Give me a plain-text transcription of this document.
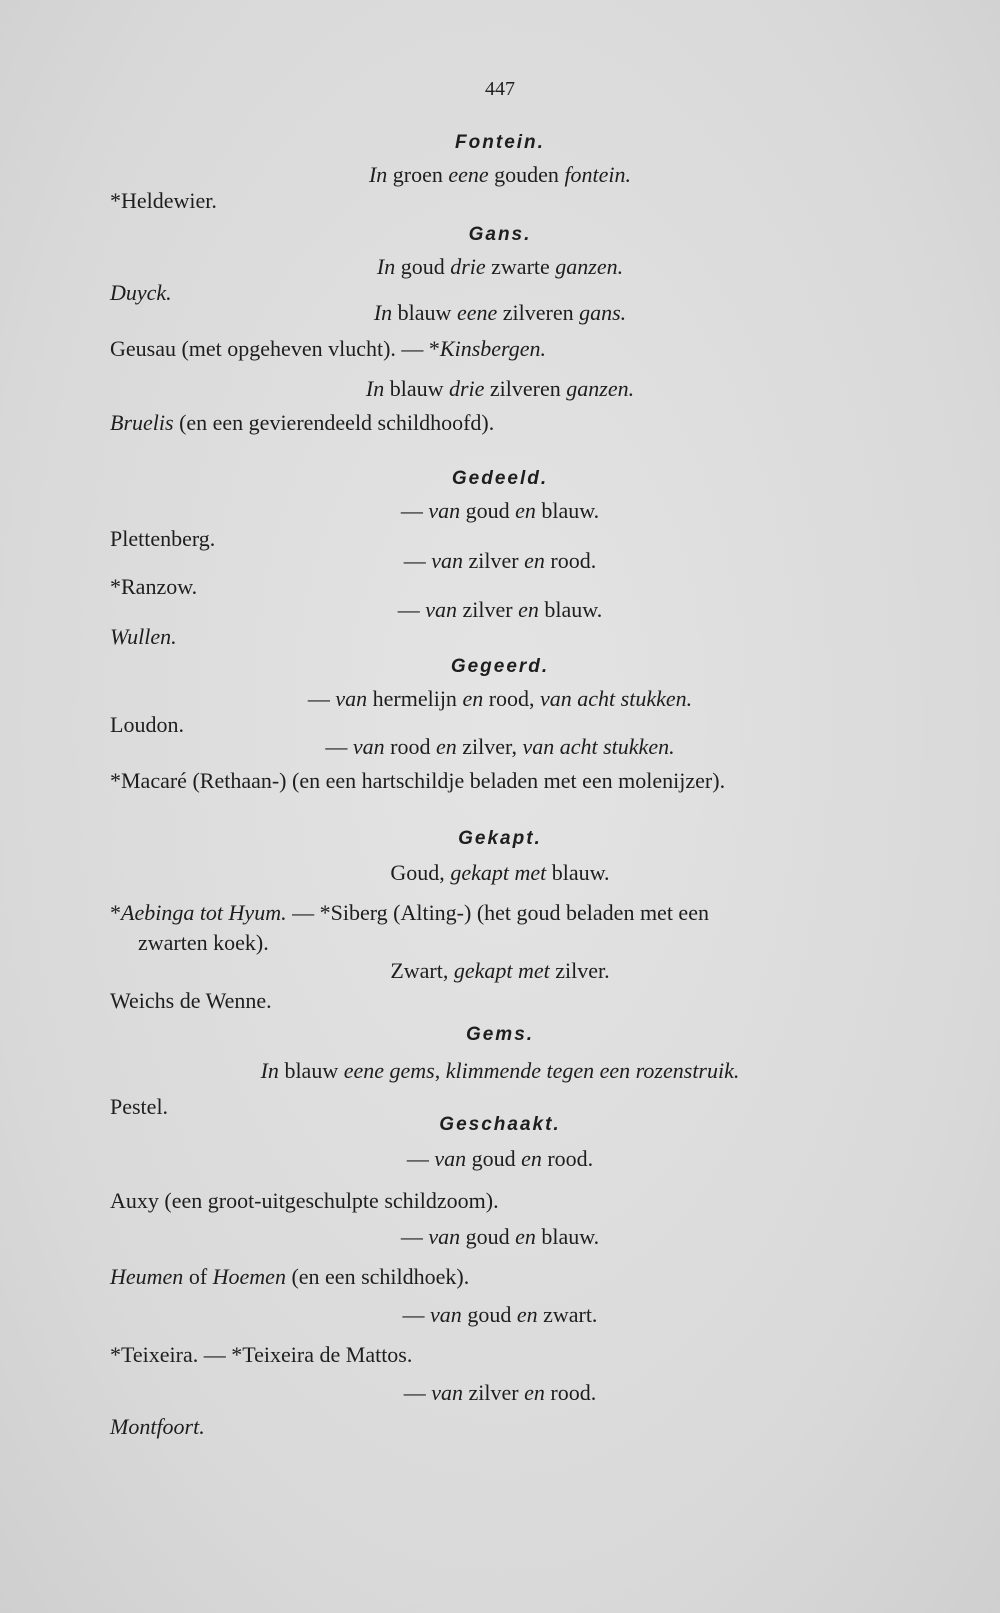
447
Fontein.
In groen eene gouden fontein.
*Heldewier.
Gans.
In goud drie zwarte ganzen.
Duyck.
In blauw eene zilveren gans.
Geusau (met opgeheven vlucht). — *Kinsbergen.
In blauw drie zilveren ganzen.
Bruelis (en een gevierendeeld schildhoofd).
Gedeeld.
— van goud en blauw.
Plettenberg.
— van zilver en rood.
*Ranzow.
— van zilver en blauw.
Wullen.
Gegeerd.
— van hermelijn en rood, van acht stukken.
Loudon.
— van rood en zilver, van acht stukken.
*Macaré (Rethaan-) (en een hartschildje beladen met een molenijzer).
Gekapt.
Goud, gekapt met blauw.
*Aebinga tot Hyum. — *Siberg (Alting-) (het goud beladen met een
zwarten koek).
Zwart, gekapt met zilver.
Weichs de Wenne.
Gems.
In blauw eene gems, klimmende tegen een rozenstruik.
Pestel.
Geschaakt.
— van goud en rood.
Auxy (een groot-uitgeschulpte schildzoom).
— van goud en blauw.
Heumen of Hoemen (en een schildhoek).
— van goud en zwart.
*Teixeira. — *Teixeira de Mattos.
— van zilver en rood.
Montfoort.
